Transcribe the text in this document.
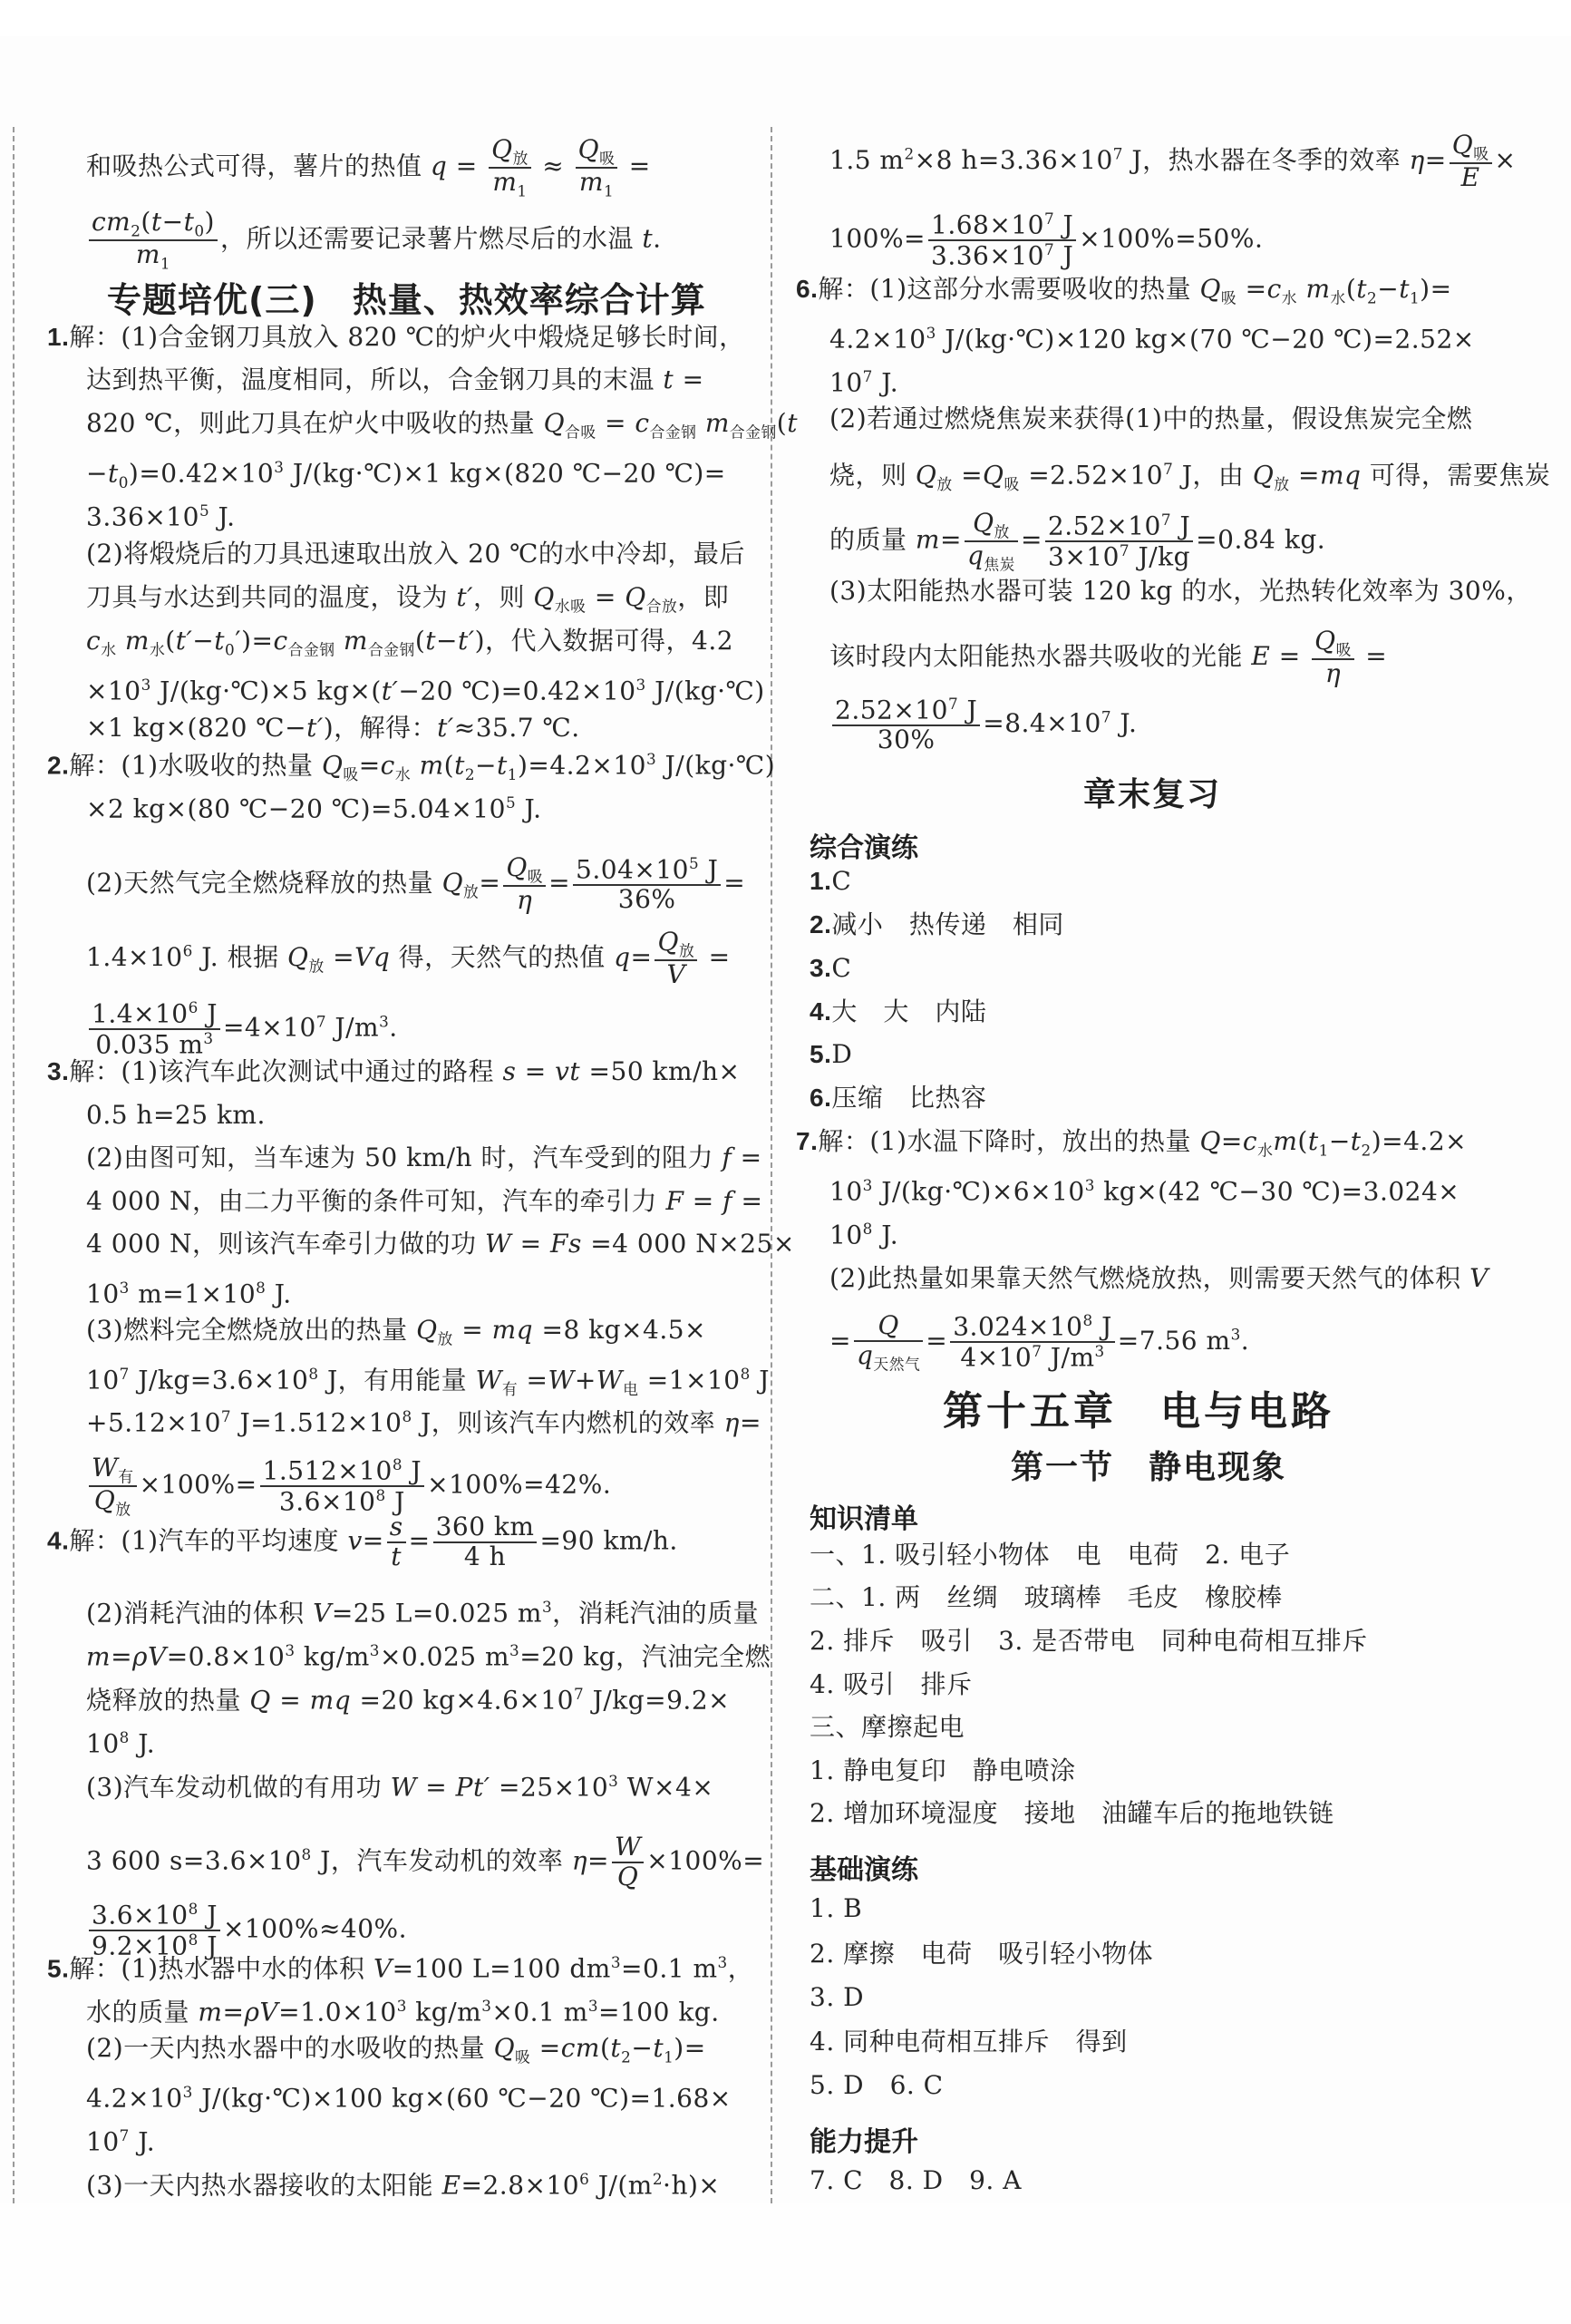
和吸热公式可得，薯片的热值 $q = \frac{Q_放}{m_1} \approx \frac{Q_吸}{m_1}$ =
$\frac{cm_2(t-t_0)}{m_1}$ ，所以还需要记录薯片燃尽后的水温 t.
专题培优(三)　热量、热效率综合计算
1.解：(1)合金钢刀具放入 820 ℃的炉火中煅烧足够长时间，
达到热平衡，温度相同，所以，合金钢刀具的末温 t =
820 ℃，则此刀具在炉火中吸收的热量 $Q_{合吸} = c_{合金钢}$ $m_{合金钢}(t$
$-t_0)=0.42\times 10^3$ J/(kg·℃)×1 kg×(820 ℃−20 ℃)=
$3.36\times 10^5$ J.
(2)将煅烧后的刀具迅速取出放入 20 ℃的水中冷却，最后
刀具与水达到共同的温度，设为 t′，则 $Q_{水吸} = Q_{合放}$，即
$c_水$ $m_水(t'-t_0')=c_{合金钢}$ $m_{合金钢}(t-t')$，代入数据可得，4.2
$\times 10^3$ J/(kg·℃)×5 kg×(t′−20 $℃)=0.42\times 10^3$ J/(kg·℃)
×1 kg×(820 ℃−t′)，解得：t′≈35.7 ℃.
2.解：(1)水吸收的热量 $Q_吸=c_水$ $m(t_2-t_1)=4.2\times 10^3$ J/(kg·℃)
×2 kg×(80 ℃−20 $℃)=5.04\times 10^5$ J.
(2)天然气完全燃烧释放的热量 $Q_放= \frac{Q_吸}{\eta} = \frac{5.04\times 10^5 J}{36\%}$ =
$1.4\times 10^6$ J. 根据 $Q_放 =Vq$ 得，天然气的热值 $q= \frac{Q_放}{V}$ =
$\frac{1.4\times 10^6 J}{0.035 m^3} =4\times 10^7$ $J/m^3$.
3.解：(1)该汽车此次测试中通过的路程 s = vt =50 km/h×
0.5 h=25 km.
(2)由图可知，当车速为 50 km/h 时，汽车受到的阻力 f =
4 000 N，由二力平衡的条件可知，汽车的牵引力 F = f =
4 000 N，则该汽车牵引力做的功 W = Fs =4 000 N×25×
$10^3$ $m=1\times 10^8$ J.
(3)燃料完全燃烧放出的热量 $Q_放$ = mq =8 kg×4.5×
$10^7$ $J/kg=3.6\times 10^8$ J，有用能量 $W_有 =W+W_电 =1\times 10^8$ J
$+5.12\times 10^7$ $J=1.512\times 10^8$ J，则该汽车内燃机的效率 η=
$\frac{W_有}{Q_放} \times 100\%= \frac{1.512\times 10^8 J}{3.6\times 10^8 J} \times 100\%=42\%$.
4.解：(1)汽车的平均速度 $v= \frac{s}{t} = \frac{360 km}{4 h} =90$ km/h.
(2)消耗汽油的体积 V=25 L=0.025 $m^3$，消耗汽油的质量
$m=\rho V=0.8\times 10^3$ $kg/m^3\times 0.025$ $m^3=20$ kg，汽油完全燃
烧释放的热量 Q = mq =20 $kg\times 4.6\times 10^7$ J/kg=9.2×
$10^8$ J.
(3)汽车发动机做的有用功 $W = Pt' =25\times 10^3$ W×4×
3 600 $s=3.6\times 10^8$ J，汽车发动机的效率 $\eta= \frac{W}{Q} \times 100\%=$
$\frac{3.6\times 10^8 J}{9.2\times 10^8 J} \times 100\%\approx 40\%$.
5.解：(1)热水器中水的体积 V=100 L=100 $dm^3=0.1$ $m^3$，
水的质量 $m=\rho V=1.0\times 10^3$ $kg/m^3\times 0.1$ $m^3=100$ kg.
(2)一天内热水器中的水吸收的热量 $Q_吸 =cm(t_2-t_1)=$
$4.2\times 10^3$ J/(kg·℃)×100 kg×(60 ℃−20 ℃)=1.68×
$10^7$ J.
(3)一天内热水器接收的太阳能 $E=2.8\times 10^6$ $J/(m^2\cdot h)\times$
1.5 $m^2\times 8$ $h=3.36\times 10^7$ J，热水器在冬季的效率 $\eta= \frac{Q_吸}{E}$ ×
$100\%= \frac{1.68\times 10^7 J}{3.36\times 10^7 J} \times 100\%=50\%$.
6.解：(1)这部分水需要吸收的热量 $Q_吸 =c_水$ $m_水(t_2-t_1)=$
$4.2\times 10^3$ J/(kg·℃)×120 kg×(70 ℃−20 ℃)=2.52×
$10^7$ J.
(2)若通过燃烧焦炭来获得(1)中的热量，假设焦炭完全燃
烧，则 $Q_放 =Q_吸 =2.52\times 10^7$ J，由 $Q_放 =mq$ 可得，需要焦炭
的质量 $m= \frac{Q_放}{q_{焦炭}} = \frac{2.52\times 10^7 J}{3\times 10^7 J/kg} =0.84$ kg.
(3)太阳能热水器可装 120 kg 的水，光热转化效率为 30%，
该时段内太阳能热水器共吸收的光能 $E = \frac{Q_吸}{\eta}$ =
$\frac{2.52\times 10^7 J}{30\%} =8.4\times 10^7$ J.
章末复习
综合演练
1.C
2.减小　热传递　相同
3.C
4.大　大　内陆
5.D
6.压缩　比热容
7.解：(1)水温下降时，放出的热量 $Q=c_水m(t_1-t_2)=4.2\times$
$10^3$ $J/(kg\cdot℃)\times 6\times 10^3$ kg×(42 ℃−30 ℃)=3.024×
$10^8$ J.
(2)此热量如果靠天然气燃烧放热，则需要天然气的体积 V
= $\frac{Q}{q_{天然气}} = \frac{3.024\times 10^8 J}{4\times 10^7 J/m^3} =7.56$ $m^3$.
第十五章　电与电路
第一节　静电现象
知识清单
一、1. 吸引轻小物体　电　电荷　2. 电子
二、1. 两　丝绸　玻璃棒　毛皮　橡胶棒
2. 排斥　吸引　3. 是否带电　同种电荷相互排斥
4. 吸引　排斥
三、摩擦起电
1. 静电复印　静电喷涂
2. 增加环境湿度　接地　油罐车后的拖地铁链
基础演练
1. B
2. 摩擦　电荷　吸引轻小物体
3. D
4. 同种电荷相互排斥　得到
5. D　6. C
能力提升
7. C　8. D　9. A
